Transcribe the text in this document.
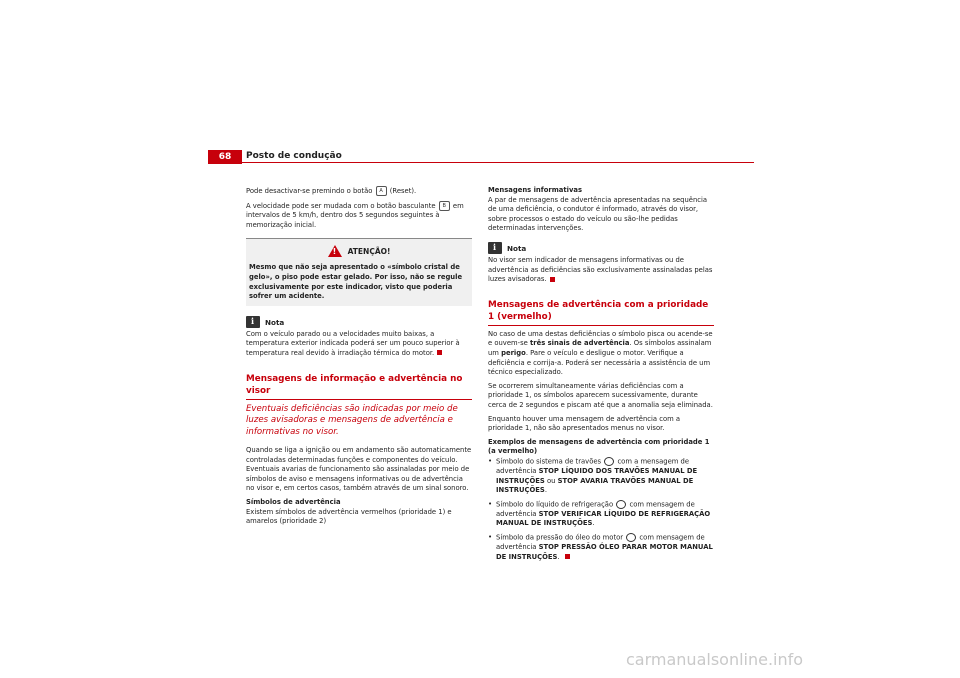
68	Posto de condução

Pode desactivar-se premindo o botão A (Reset).

A velocidade pode ser mudada com o botão basculante B em intervalos de 5 km/h, dentro dos 5 segundos seguintes à memorização inicial.

!
ATENÇÃO!
Mesmo que não seja apresentado o «símbolo cristal de gelo», o piso pode estar gelado. Por isso, não se regule exclusivamente por este indicador, visto que poderia sofrer um acidente.
i
Nota

Com o veículo parado ou a velocidades muito baixas, a temperatura exterior indicada poderá ser um pouco superior à temperatura real devido à irradiação térmica do motor.

Mensagens de informação e advertência no visor
Eventuais deficiências são indicadas por meio de luzes avisadoras e mensagens de advertência e informativas no visor.

Quando se liga a ignição ou em andamento são automaticamente controladas determinadas funções e componentes do veículo. Eventuais avarias de funcionamento são assinaladas por meio de símbolos de aviso e mensagens informativas ou de advertência no visor e, em certos casos, também através de um sinal sonoro.

Símbolos de advertência

Existem símbolos de advertência vermelhos (prioridade 1) e amarelos (prioridade 2)

Mensagens informativas

A par de mensagens de advertência apresentadas na sequência de uma deficiência, o condutor é informado, através do visor, sobre processos o estado do veículo ou são-lhe pedidas determinadas intervenções.

i
Nota

No visor sem indicador de mensagens informativas ou de advertência as deficiências são exclusivamente assinaladas pelas luzes avisadoras.

Mensagens de advertência com a prioridade 1 (vermelho)

No caso de uma destas deficiências o símbolo pisca ou acende-se e ouvem-se três sinais de advertência. Os símbolos assinalam um perigo. Pare o veículo e desligue o motor. Verifique a deficiência e corrija-a. Poderá ser necessária a assistência de um técnico especializado.

Se ocorrerem simultaneamente várias deficiências com a prioridade 1, os símbolos aparecem sucessivamente, durante cerca de 2 segundos e piscam até que a anomalia seja eliminada.

Enquanto houver uma mensagem de advertência com a prioridade 1, não são apresentados menus no visor.

Exemplos de mensagens de advertência com prioridade 1 (a vermelho)
• Símbolo do sistema de travões com a mensagem de advertência STOP LÍQUIDO DOS TRAVÕES MANUAL DE INSTRUÇÕES ou STOP AVARIA TRAVÕES MANUAL DE INSTRUÇÕES.
• Símbolo do líquido de refrigeração com mensagem de advertência STOP VERIFICAR LÍQUIDO DE REFRIGERAÇÃO MANUAL DE INSTRUÇÕES.
• Símbolo da pressão do óleo do motor com mensagem de advertência STOP PRESSÃO ÓLEO PARAR MOTOR MANUAL DE INSTRUÇÕES.
carmanualsonline.info
